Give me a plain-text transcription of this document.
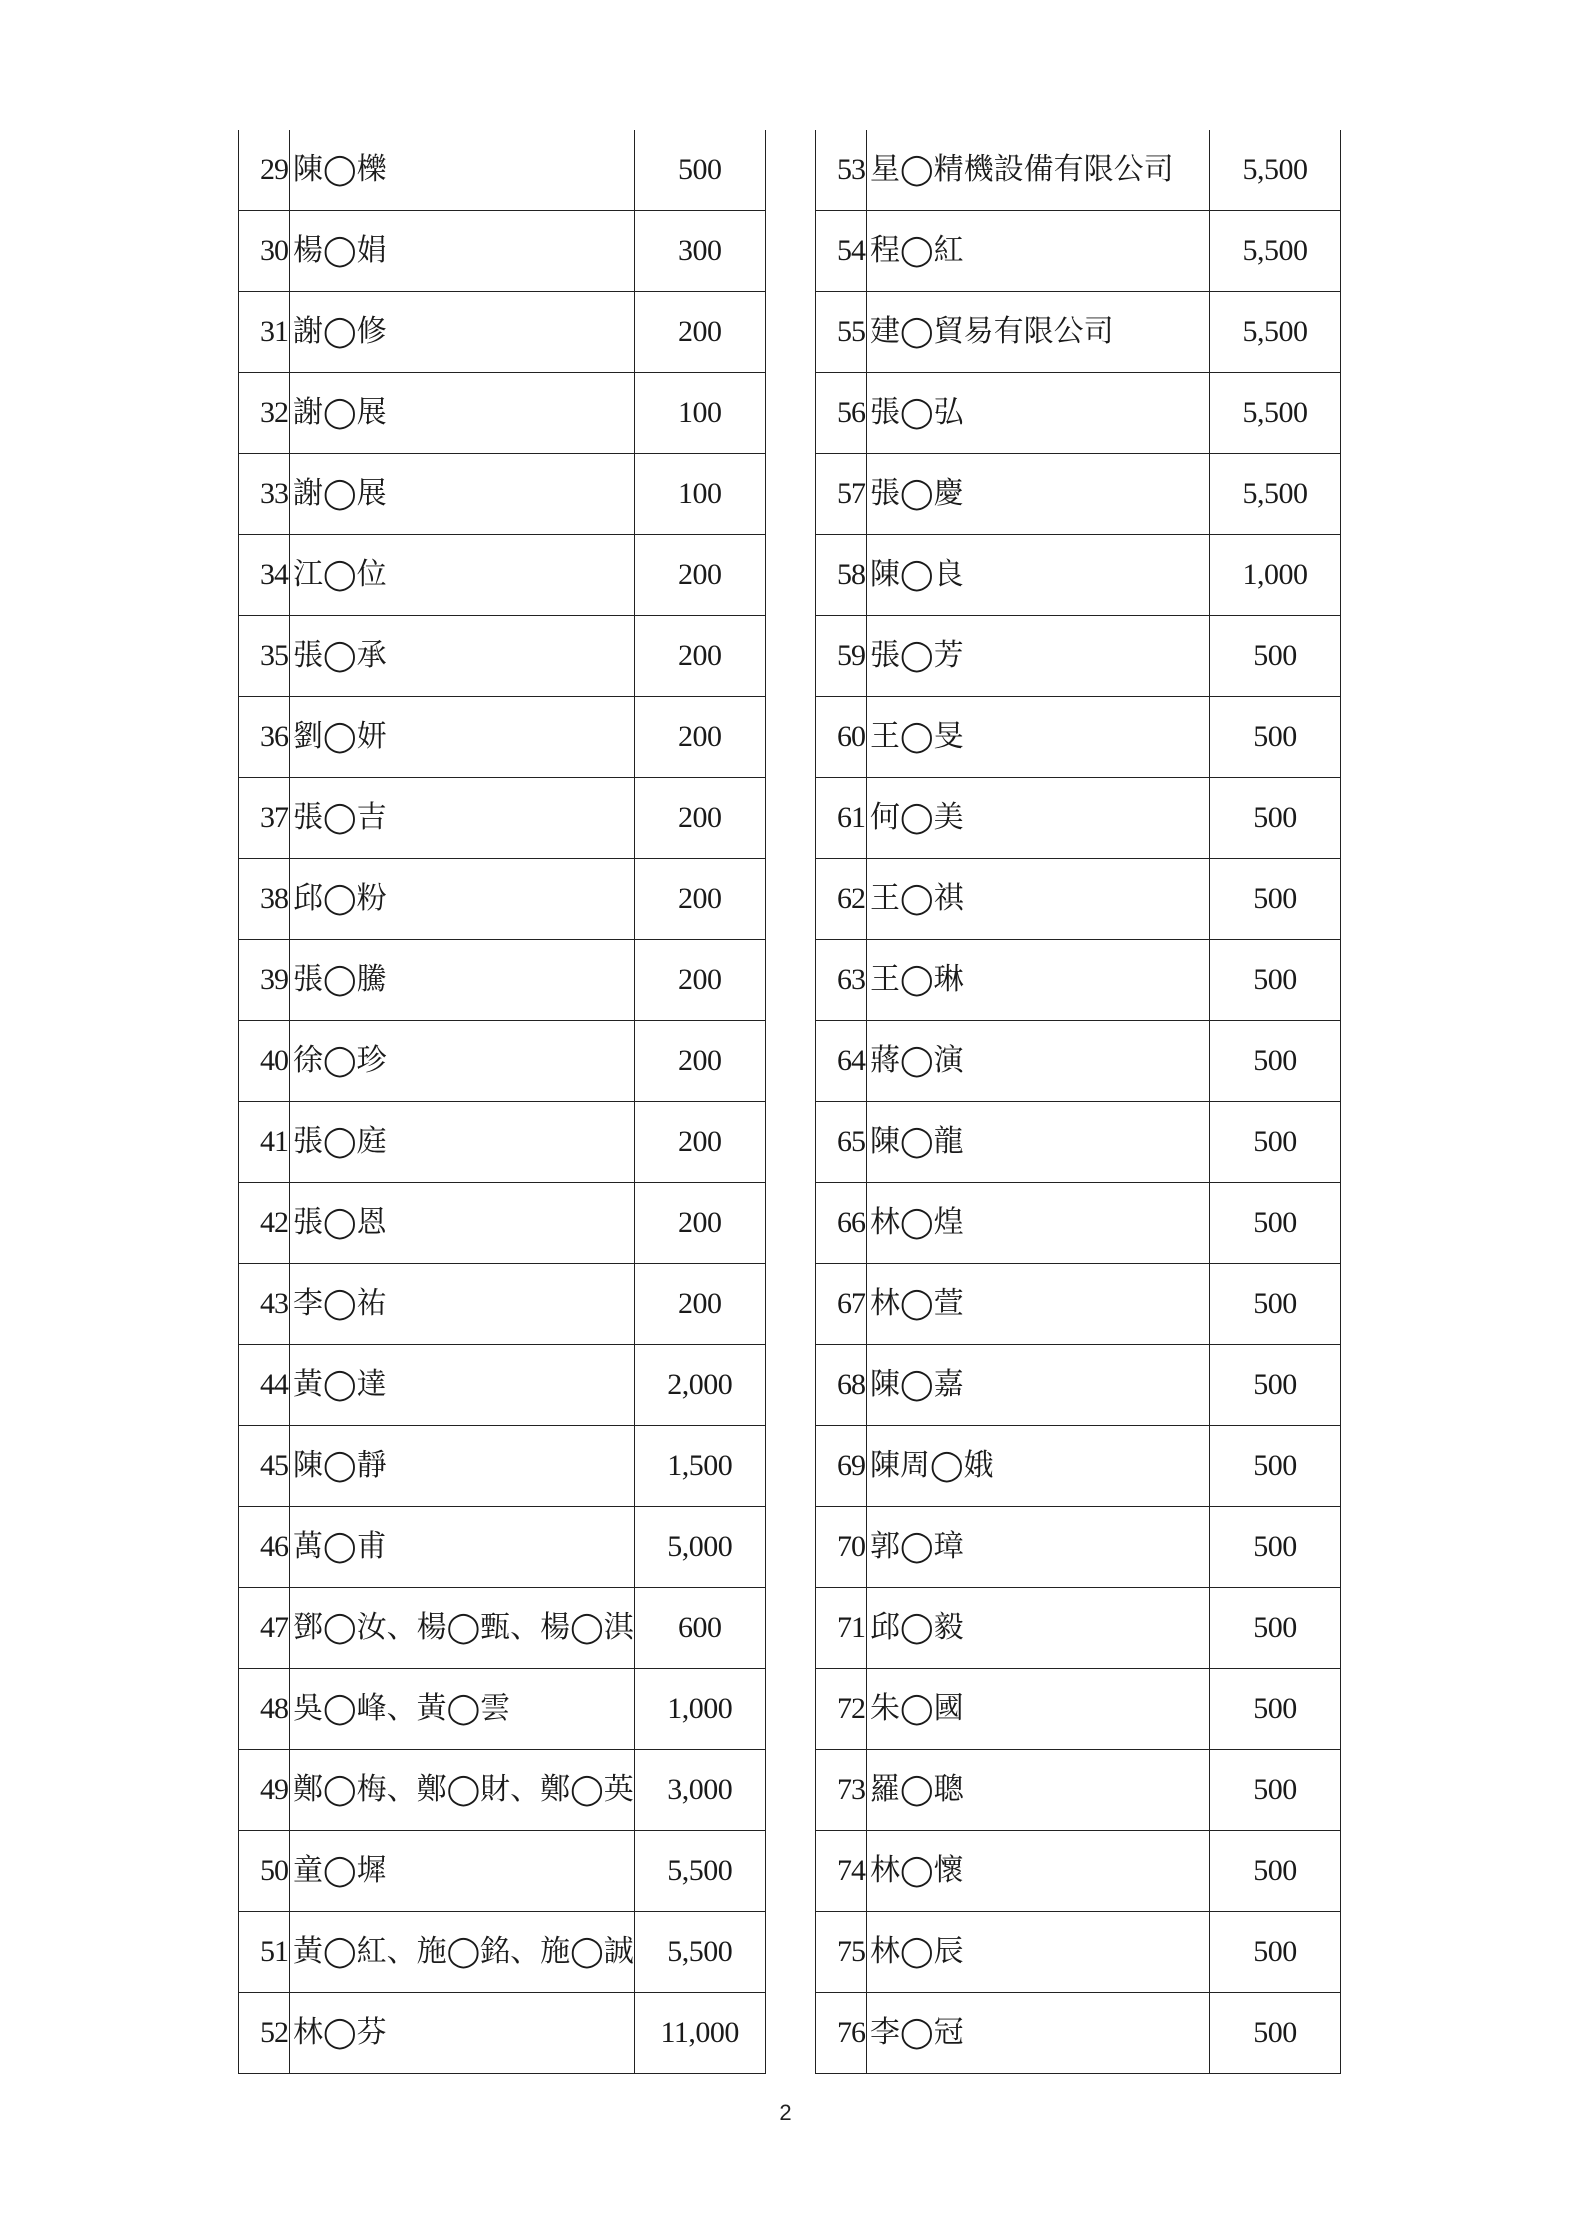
29	陳◯櫟	500
30	楊◯娟	300
31	謝◯修	200
32	謝◯展	100
33	謝◯展	100
34	江◯位	200
35	張◯承	200
36	劉◯妍	200
37	張◯吉	200
38	邱◯粉	200
39	張◯騰	200
40	徐◯珍	200
41	張◯庭	200
42	張◯恩	200
43	李◯祐	200
44	黃◯達	2,000
45	陳◯靜	1,500
46	萬◯甫	5,000
47	鄧◯汝、楊◯甄、楊◯淇	600
48	吳◯峰、黃◯雲	1,000
49	鄭◯梅、鄭◯財、鄭◯英	3,000
50	童◯墀	5,500
51	黃◯紅、施◯銘、施◯誠	5,500
52	林◯芬	11,000
53	星◯精機設備有限公司	5,500
54	程◯紅	5,500
55	建◯貿易有限公司	5,500
56	張◯弘	5,500
57	張◯慶	5,500
58	陳◯良	1,000
59	張◯芳	500
60	王◯旻	500
61	何◯美	500
62	王◯祺	500
63	王◯琳	500
64	蔣◯演	500
65	陳◯龍	500
66	林◯煌	500
67	林◯萱	500
68	陳◯嘉	500
69	陳周◯娥	500
70	郭◯璋	500
71	邱◯毅	500
72	朱◯國	500
73	羅◯聰	500
74	林◯懷	500
75	林◯辰	500
76	李◯冠	500
2
